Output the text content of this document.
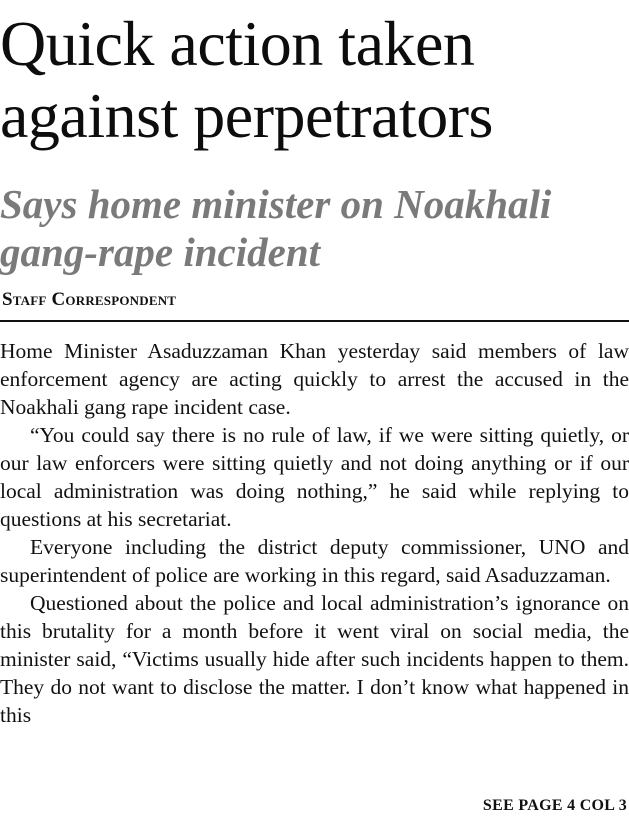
Quick action taken
against perpetrators
Says home minister on Noakhali
gang-rape incident
Staff Correspondent

Home Minister Asaduzzaman Khan yesterday said members of law enforcement agency are acting quickly to arrest the accused in the Noakhali gang rape incident case.

“You could say there is no rule of law, if we were sitting quietly, or our law enforcers were sitting quietly and not doing anything or if our local administration was doing nothing,” he said while replying to questions at his secretariat.

Everyone including the district deputy commissioner, UNO and superintendent of police are working in this regard, said Asaduzzaman.

Questioned about the police and local administration’s ignorance on this brutality for a month before it went viral on social media, the minister said, “Victims usually hide after such incidents happen to them. They do not want to disclose the matter. I don’t know what happened in this

SEE PAGE 4 COL 3
